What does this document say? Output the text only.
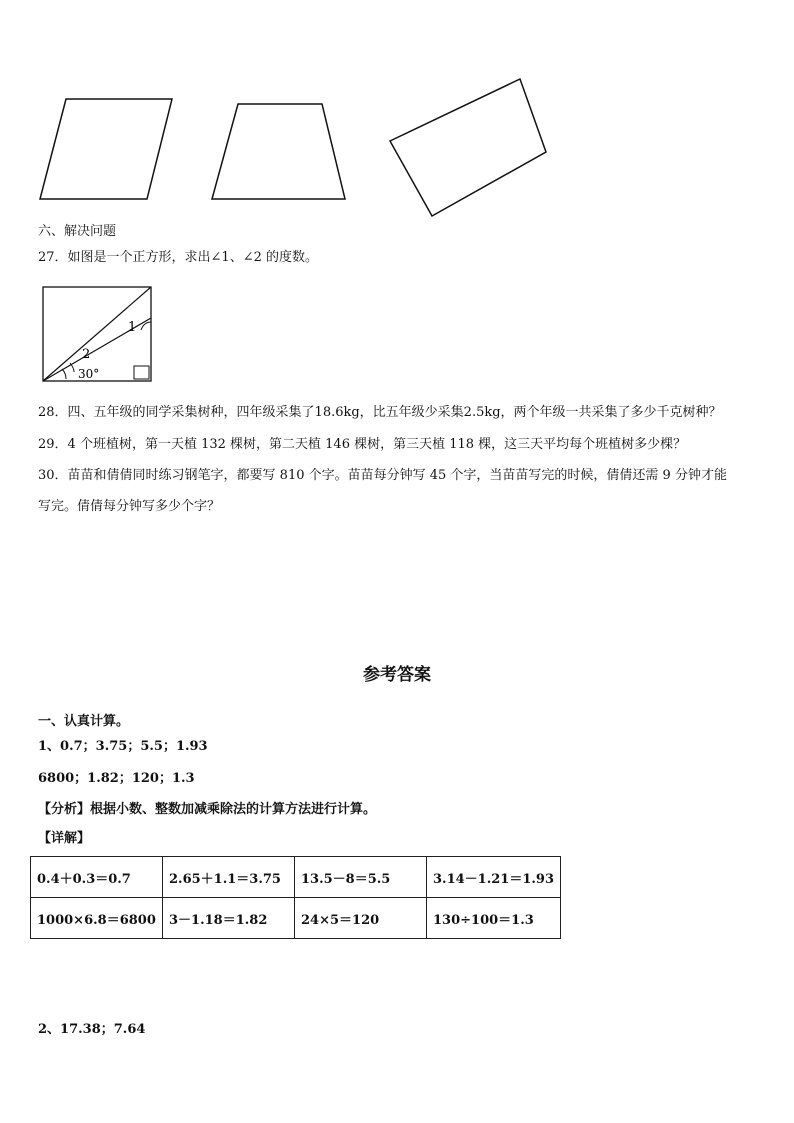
六、解决问题
27．如图是一个正方形，求出∠1、∠2 的度数。
1
2
30°
28．四、五年级的同学采集树种，四年级采集了18.6kg，比五年级少采集2.5kg，两个年级一共采集了多少千克树种？
29．4 个班植树，第一天植 132 棵树，第二天植 146 棵树，第三天植 118 棵，这三天平均每个班植树多少棵？
30．苗苗和倩倩同时练习钢笔字，都要写 810 个字。苗苗每分钟写 45 个字，当苗苗写完的时候，倩倩还需 9 分钟才能
写完。倩倩每分钟写多少个字？
参考答案
一、认真计算。
1、0.7；3.75；5.5；1.93
6800；1.82；120；1.3
【分析】根据小数、整数加减乘除法的计算方法进行计算。
【详解】
0.4＋0.3＝0.7	2.65＋1.1＝3.75	13.5－8＝5.5	3.14－1.21＝1.93
1000×6.8＝6800	3－1.18＝1.82	24×5＝120	130÷100＝1.3
2、17.38；7.64
